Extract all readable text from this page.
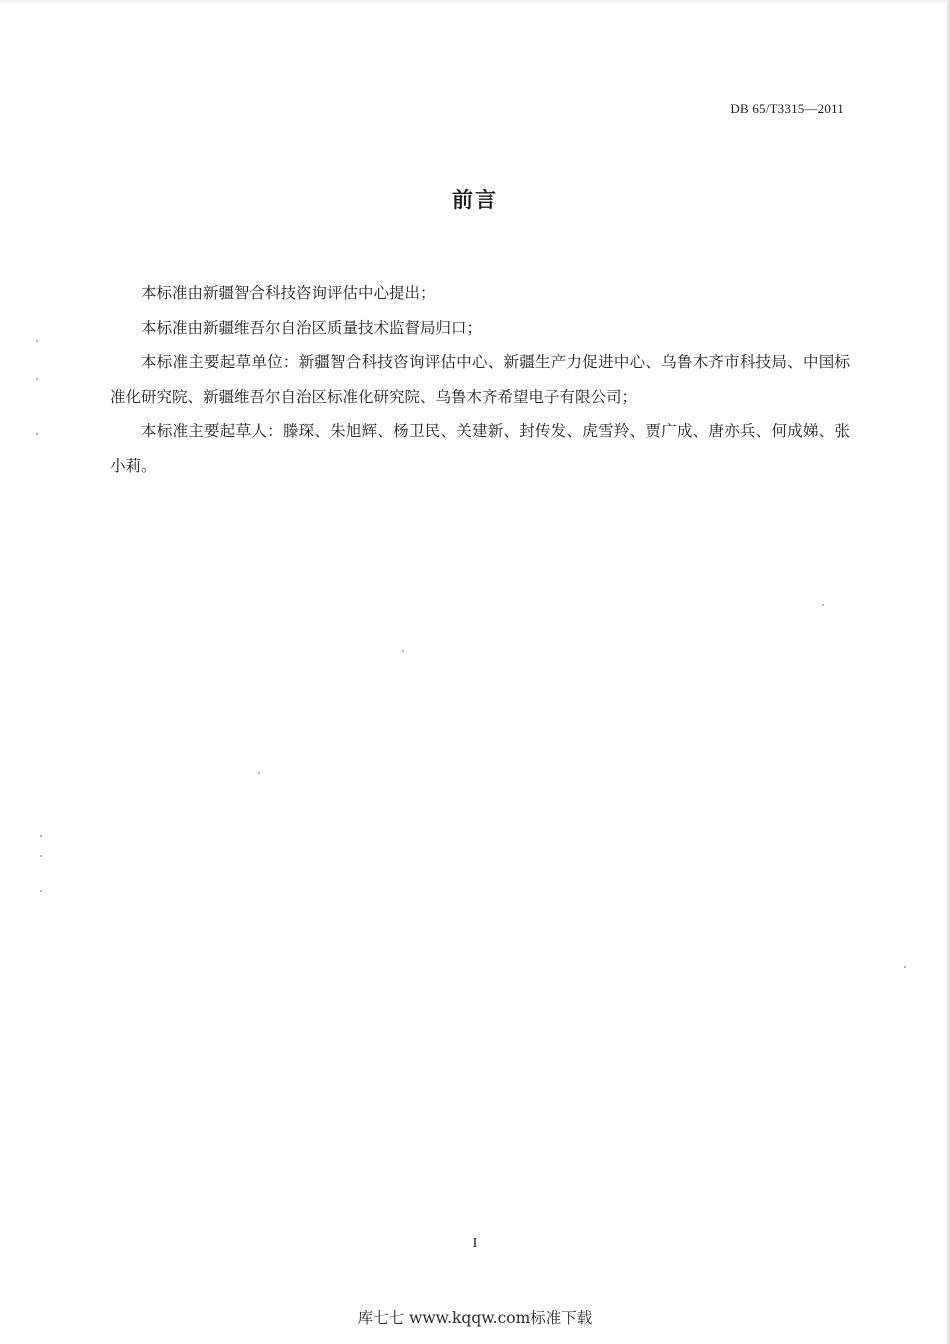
DB 65/T3315—2011
前言

本标准由新疆智合科技咨询评估中心提出；

本标准由新疆维吾尔自治区质量技术监督局归口；

本标准主要起草单位：新疆智合科技咨询评估中心、新疆生产力促进中心、乌鲁木齐市科技局、中国标准化研究院、新疆维吾尔自治区标准化研究院、乌鲁木齐希望电子有限公司；

本标准主要起草人：滕琛、朱旭辉、杨卫民、关建新、封传发、虎雪羚、贾广成、唐亦兵、何成娣、张小莉。

I
库七七 www.kqqw.com标准下载
